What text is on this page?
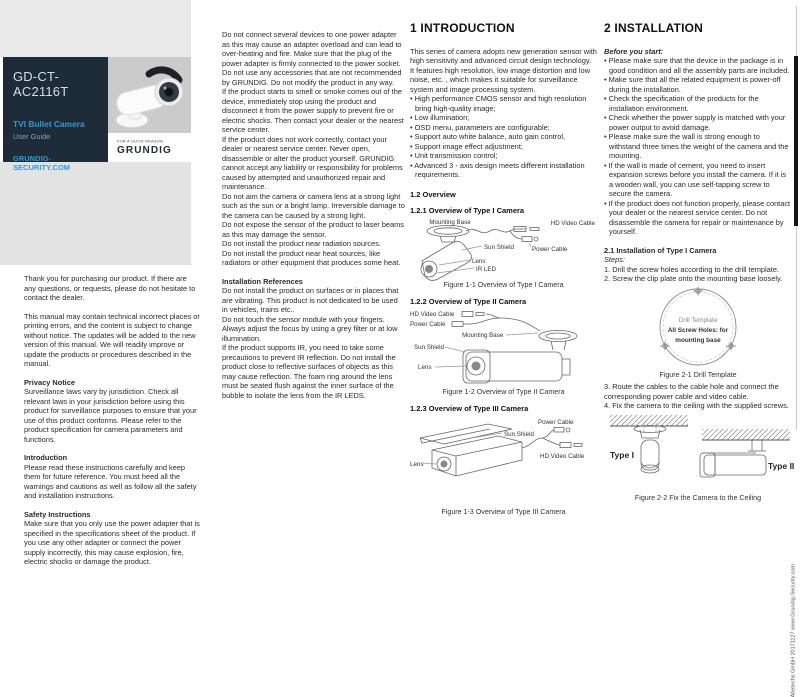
GD-CT-AC2116T
TVI Bullet Camera
User Guide
GRUNDIG-SECURITY.COM
FOR A GOOD REASON
GRUNDIG
Thank you for purchasing our product. If there are any questions, or requests, please do not hesitate to contact the dealer.
This manual may contain technical incorrect places or printing errors, and the content is subject to change without notice. The updates will be added to the new version of this manual. We will readily improve or update the products or procedures described in the manual.
Privacy Notice
Surveillance laws vary by jurisdiction. Check all relevant laws in your jurisdiction before using this product for surveillance purposes to ensure that your use of this product conforms. Please refer to the product specification for camera parameters and functions.
Introduction
Please read these instructions carefully and keep them for future reference. You must heed all the warnings and cautions as well as follow all the safety and installation instructions.
Safety Instructions
Make sure that you only use the power adapter that is specified in the specifications sheet of the product. If you use any other adapter or connect the power supply incorrectly, this may cause explosion, fire, electric shocks or damage the product.
Do not connect several devices to one power adapter as this may cause an adapter overload and can lead to over-heating and fire. Make sure that the plug of the power adapter is firmly connected to the power socket. Do not use any accessories that are not recommended by GRUNDIG. Do not modify the product in any way.
If the product starts to smell or smoke comes out of the device, immediately stop using the product and disconnect it from the power supply to prevent fire or electric shocks. Then contact your dealer or the nearest service center.
If the product does not work correctly, contact your dealer or nearest service center. Never open, disassemble or alter the product yourself. GRUNDIG cannot accept any liability or responsibility for problems caused by attempted and unauthorized repair and maintenance.
Do not aim the camera or camera lens at a strong light such as the sun or a bright lamp. Irreversible damage to the camera can be caused by a strong light.
Do not expose the sensor of the product to laser beams as this may damage the sensor.
Do not install the product near radiation sources.
Do not install the product near heat sources, like radiators or other equipment that produces some heat.
Installation References
Do not install the product on surfaces or in places that are vibrating. This product is not dedicated to be used in vehicles, trains etc..
Do not touch the sensor module with your fingers. Always adjust the focus by using a grey filter or at low illumination.
If the product supports IR, you need to take some precautions to prevent IR reflection. Do not install the product close to reflective surfaces of objects as this may cause reflection. The foam ring around the lens must be seated flush against the inner surface of the bubble to isolate the lens from the IR LEDS.
1 INTRODUCTION
This series of camera adopts new generation sensor with high sensitivity and advanced circuit design technology. It features high resolution, low image distortion and low noise, etc. , which makes it suitable for surveillance system and image processing system.
• High performance CMOS sensor and high resolution bring high-quality image;
• Low illumination;
• OSD menu, parameters are configurable;
• Support auto white balance, auto gain control,
• Support image effect adjustment;
• Unit transmission control;
• Advanced 3 - axis design meets different installation requirements.
1.2 Overview
1.2.1 Overview of Type I Camera
Mounting Base	HD Video Cable
Sun Shield	Power Cable
Lens
IR LED
Figure 1-1 Overview of Type I Camera
1.2.2 Overview of Type II Camera
HD Video Cable
Power Cable
Mounting Base
Sun Shield
Lens
Figure 1-2 Overview of Type II Camera
1.2.3 Overview of Type III Camera
Sun Shield
Power Cable
HD Video Cable
Lens
Figure 1-3 Overview of Type III Camera
2 INSTALLATION
Before you start:
• Please make sure that the device in the package is in good condition and all the assembly parts are included.
• Make sure that all the related equipment is power-off during the installation.
• Check the specification of the products for the installation environment.
• Check whether the power supply is matched with your power output to avoid damage.
• Please make sure the wall is strong enough to withstand three times the weight of the camera and the mounting.
• If the wall is made of cement, you need to insert expansion screws before you install the camera. If it is a wooden wall, you can use self-tapping screw to secure the camera.
• If the product does not function properly, please contact your dealer or the nearest service center. Do not disassemble the camera for repair or maintenance by yourself.
2.1 Installation of Type I Camera
Steps:
1. Drill the screw holes according to the drill template.
2. Screw the clip plate onto the mounting base loosely.
Drill Template
All Screw Holes: for
mounting base
Figure 2-1 Drill Template
3. Route the cables to the cable hole and connect the corresponding power cable and video cable.
4. Fix the camera to the ceiling with the supplied screws.
Type I
Type II
Figure 2-2 Fix the Camera to the Ceiling
Abetechs GmbH 20171127 www.Grundig-Security.com
